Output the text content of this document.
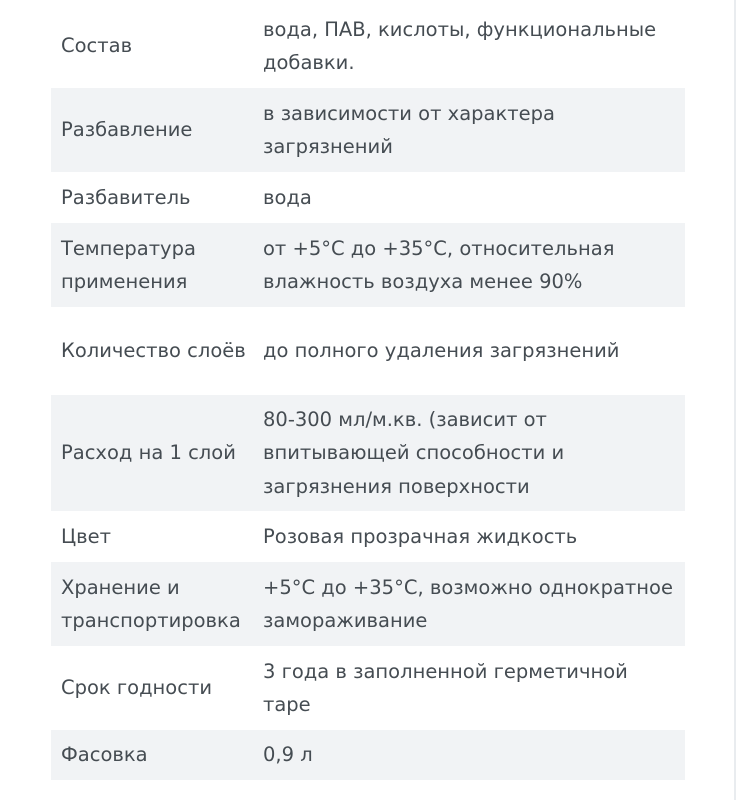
Состав	вода, ПАВ, кислоты, функциональные добавки.
Разбавление	в зависимости от характера загрязнений
Разбавитель	вода
Температура применения	от +5°C до +35°C, относительная влажность воздуха менее 90%
Количество слоёв	до полного удаления загрязнений
Расход на 1 слой	80-300 мл/м.кв. (зависит от впитывающей способности и загрязнения поверхности
Цвет	Розовая прозрачная жидкость
Хранение и транспортировка	+5°C до +35°C, возможно однократное замораживание
Срок годности	3 года в заполненной герметичной таре
Фасовка	0,9 л
